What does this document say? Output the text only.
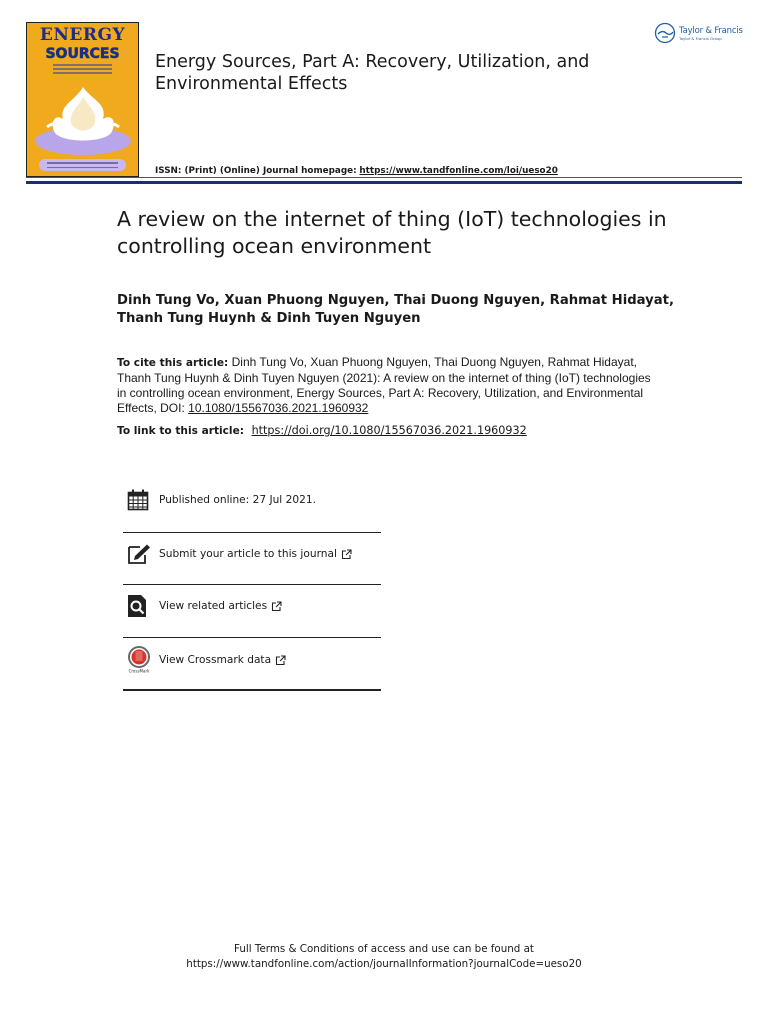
ENERGY
SOURCES	Energy Sources, Part A: Recovery, Utilization, and Environmental Effects
Taylor & Francis
Taylor & Francis Group
ISSN: (Print) (Online) Journal homepage: https://www.tandfonline.com/loi/ueso20
A review on the internet of thing (IoT) technologies in controlling ocean environment
Dinh Tung Vo, Xuan Phuong Nguyen, Thai Duong Nguyen, Rahmat Hidayat, Thanh Tung Huynh & Dinh Tuyen Nguyen
To cite this article: Dinh Tung Vo, Xuan Phuong Nguyen, Thai Duong Nguyen, Rahmat Hidayat, Thanh Tung Huynh & Dinh Tuyen Nguyen (2021): A review on the internet of thing (IoT) technologies in controlling ocean environment, Energy Sources, Part A: Recovery, Utilization, and Environmental Effects, DOI: 10.1080/15567036.2021.1960932
To link to this article: https://doi.org/10.1080/15567036.2021.1960932
Published online: 27 Jul 2021.
Submit your article to this journal
View related articles
CrossMark
View Crossmark data
Full Terms & Conditions of access and use can be found at
https://www.tandfonline.com/action/journalInformation?journalCode=ueso20
